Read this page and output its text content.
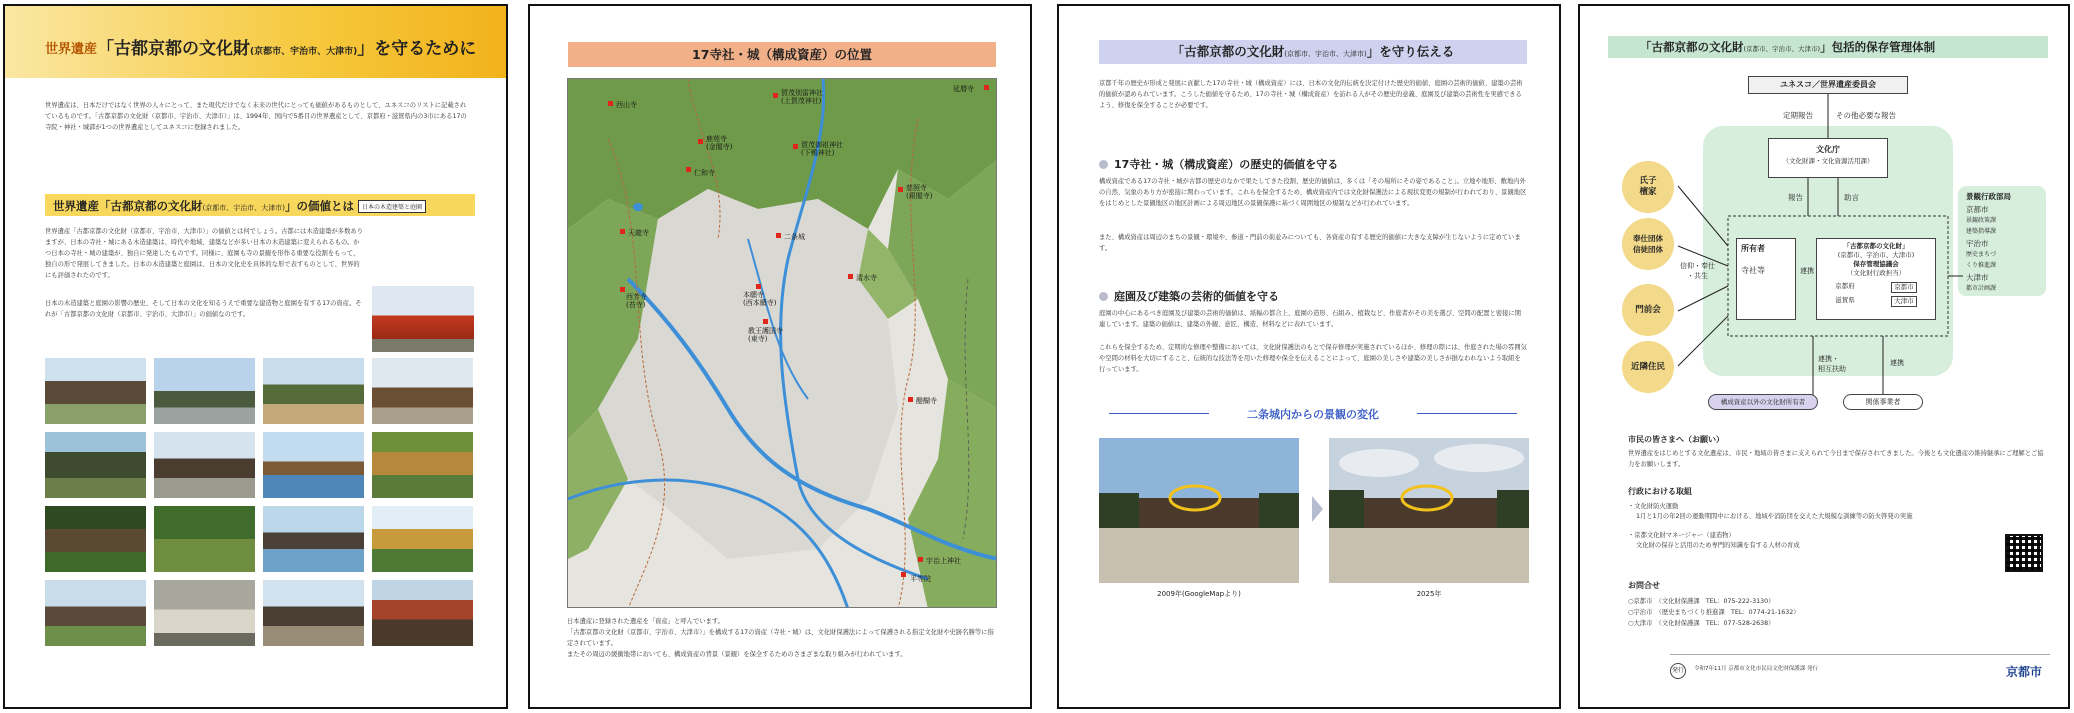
世界遺産 「古都京都の文化財(京都市、宇治市、大津市)」を守るために

世界遺産は、日本だけではなく世界の人々にとって、また現代だけでなく未来の世代にとっても価値があるものとして、ユネスコのリストに記載されているものです。「古都京都の文化財（京都市、宇治市、大津市）」は、1994年、国内で5番目の世界遺産として、京都府・滋賀県内の3市にある17の寺院・神社・城郭が1つの世界遺産としてユネスコに登録されました。

世界遺産「古都京都の文化財(京都市、宇治市、大津市)」の価値とは 日本の木造建築と庭園

世界遺産「古都京都の文化財（京都市、宇治市、大津市）」の価値とは何でしょう。古都には木造建築が多数ありますが、日本の寺社・城にある木造建築は、時代や地域、建築などが多い日本の木造建築に変えられるもの。かつ日本の寺社・城の建築が、独自に発達したものです。同様に、庭園も寺の景観を形作る重要な役割をもって、独自の形で発展してきました。日本の木造建築と庭園は、日本の文化史を具体的な形で表すものとして、世界的にも評価されたのです。

日本の木造建築と庭園の影響の歴史、そして日本の文化を知るうえで重要な建造物と庭園を有する17の資産。それが「古都京都の文化財（京都市、宇治市、大津市）」の価値なのです。

17寺社・城（構成資産）の位置
西山寺
賀茂別雷神社
(上賀茂神社)
延暦寺
鹿苑寺
(金閣寺)	賀茂御祖神社
(下鴨神社)
慈照寺
(銀閣寺)
仁和寺
天龍寺	二条城
清水寺
西芳寺
(苔寺)
本願寺
(西本願寺)
教王護国寺
(東寺)
醍醐寺
宇治上神社
平等院

日本遺産に登録された遺産を「資産」と呼んでいます。

「古都京都の文化財（京都市、宇治市、大津市）」を構成する17の資産（寺社・城）は、文化財保護法によって保護される指定文化財や史跡名勝等に指定されています。

またその周辺の緩衝地帯においても、構成資産の背景（景観）を保全するためのさまざまな取り組みが行われています。

「古都京都の文化財(京都市、宇治市、大津市)」を守り伝える

京都千年の歴史が形成と発展に貢献した17の寺社・城（構成資産）には、日本の文化的伝統を決定付けた歴史的価値、庭園の芸術的価値、建築の芸術的価値が認められています。こうした価値を守るため、17の寺社・城（構成資産）を訪れる人がその歴史的意義、庭園及び建築の芸術性を実感できるよう、修復を保全することが必要です。

17寺社・城（構成資産）の歴史的価値を守る

構成資産である17の寺社・城が古都の歴史のなかで果たしてきた役割、歴史的価値は、多くは「その場所にその姿であること」。立地や地形、敷地内外の自然、気象のあり方が密接に関わっています。これらを保全するため、構成資産内では文化財保護法による現状変更の規制が行われており、景観地区をはじめとした景観地区の地区計画による周辺地区の景観保護に基づく周囲地区の規制などが行われています。

また、構成資産は周辺のまちの景観・環境や、参道・門前の街並みについても、各資産の有する歴史的価値に大きな支障が生じないように定めています。

庭園及び建築の芸術的価値を守る

庭園の中心にあるべき庭園及び建築の芸術的価値は、紙幅の都合上、庭園の造形、石組み、植栽など、作庭者がその美を選び、空間の配置と密接に関連しています。建築の価値は、建築の外観、意匠、構造、材料などに表れています。

これらを保全するため、定期的な修理や整備においては、文化財保護法のもとで保存修理が実施されているほか、修理の際には、作庭された場の雰囲気や空間の材料を大切にすること、伝統的な技法等を用いた修理や保全を伝えることによって、庭園の美しさや建築の美しさが損なわれないよう取組を行っています。

二条城内からの景観の変化
2009年(GoogleMapより)	2025年
「古都京都の文化財(京都市、宇治市、大津市)」包括的保存管理体制
ユネスコ／世界遺産委員会
定期報告	その他必要な報告
文化庁
（文化財課・文化資源活用課）
報告	助言
所有者

寺社等	連携
「古都京都の文化財」
(京都市、宇治市、大津市)
保存管理協議会
（文化財行政担当）
京都府	京都市
滋賀県	大津市
氏子
檀家
奉仕団体
信徒団体
門前会
近隣住民
信仰・奉仕
・共生
連携・
相互扶助
連携
景観行政部局
京都市
景観政策課
建築指導課
宇治市
歴史まちづ
くり推進課
大津市
都市計画課
構成資産以外の文化財所有者	関係事業者
市民の皆さまへ（お願い）

世界遺産をはじめとする文化遺産は、市民・地域の皆さまに支えられて今日まで保存されてきました。今後とも文化遺産の維持継承にご理解とご協力をお願いします。

行政における取組

・文化財防火運動

1月と1月の年2回の運動期間中における、地域や消防団を交えた大規模な訓練等の防火啓発の実施

・京都文化財マネージャー（建造物）

文化財の保存と活用のため専門的知識を有する人材の育成

お問合せ

○京都市　（文化財保護課　TEL：075-222-3130）

○宇治市　（歴史まちづくり推進課　TEL：0774-21-1632）

○大津市　（文化財保護課　TEL：077-528-2638）

発行	令和7年11月 京都市文化市民局文化財保護課 発行	京都市
